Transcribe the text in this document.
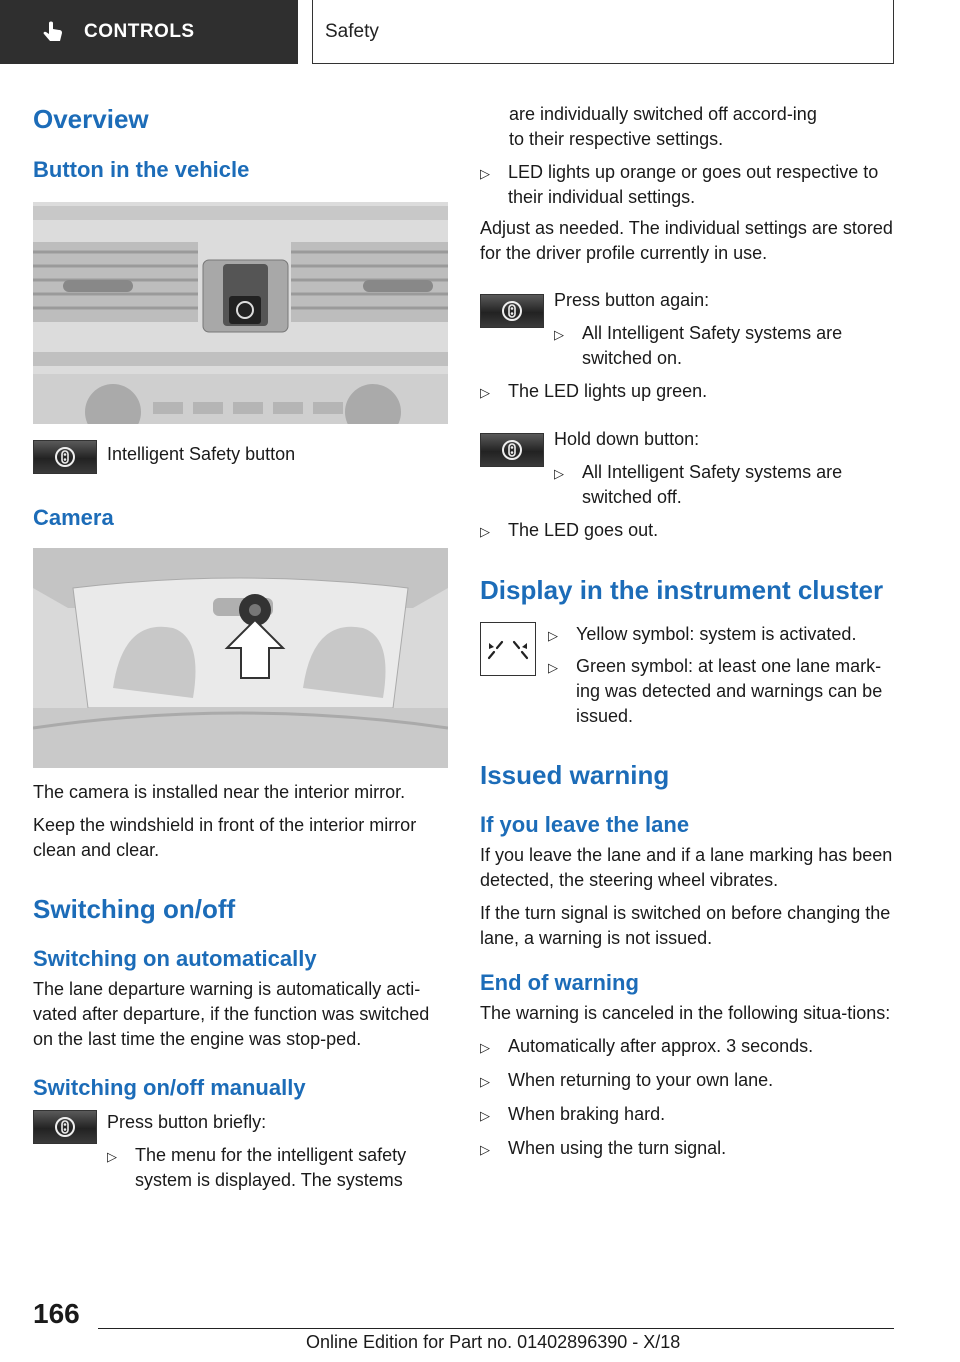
CONTROLS	Safety
Overview
Button in the vehicle

Intelligent Safety button

Camera

The camera is installed near the interior mirror.

Keep the windshield in front of the interior mirror clean and clear.

Switching on/off
Switching on automatically

The lane departure warning is automatically acti-vated after departure, if the function was switched on the last time the engine was stop-ped.

Switching on/off manually

Press button briefly:

▷	The menu for the intelligent safety system is displayed. The systems

are individually switched off accord-ing to their respective settings.

▷	LED lights up orange or goes out respective to their individual settings.

Adjust as needed. The individual settings are stored for the driver profile currently in use.

Press button again:

▷	All Intelligent Safety systems are switched on.
▷	The LED lights up green.

Hold down button:

▷	All Intelligent Safety systems are switched off.
▷	The LED goes out.
Display in the instrument cluster
▷	Yellow symbol: system is activated.
▷	Green symbol: at least one lane mark-ing was detected and warnings can be issued.
Issued warning
If you leave the lane

If you leave the lane and if a lane marking has been detected, the steering wheel vibrates.

If the turn signal is switched on before changing the lane, a warning is not issued.

End of warning

The warning is canceled in the following situa-tions:

▷	Automatically after approx. 3 seconds.
▷	When returning to your own lane.
▷	When braking hard.
▷	When using the turn signal.
166
Online Edition for Part no. 01402896390 - X/18
